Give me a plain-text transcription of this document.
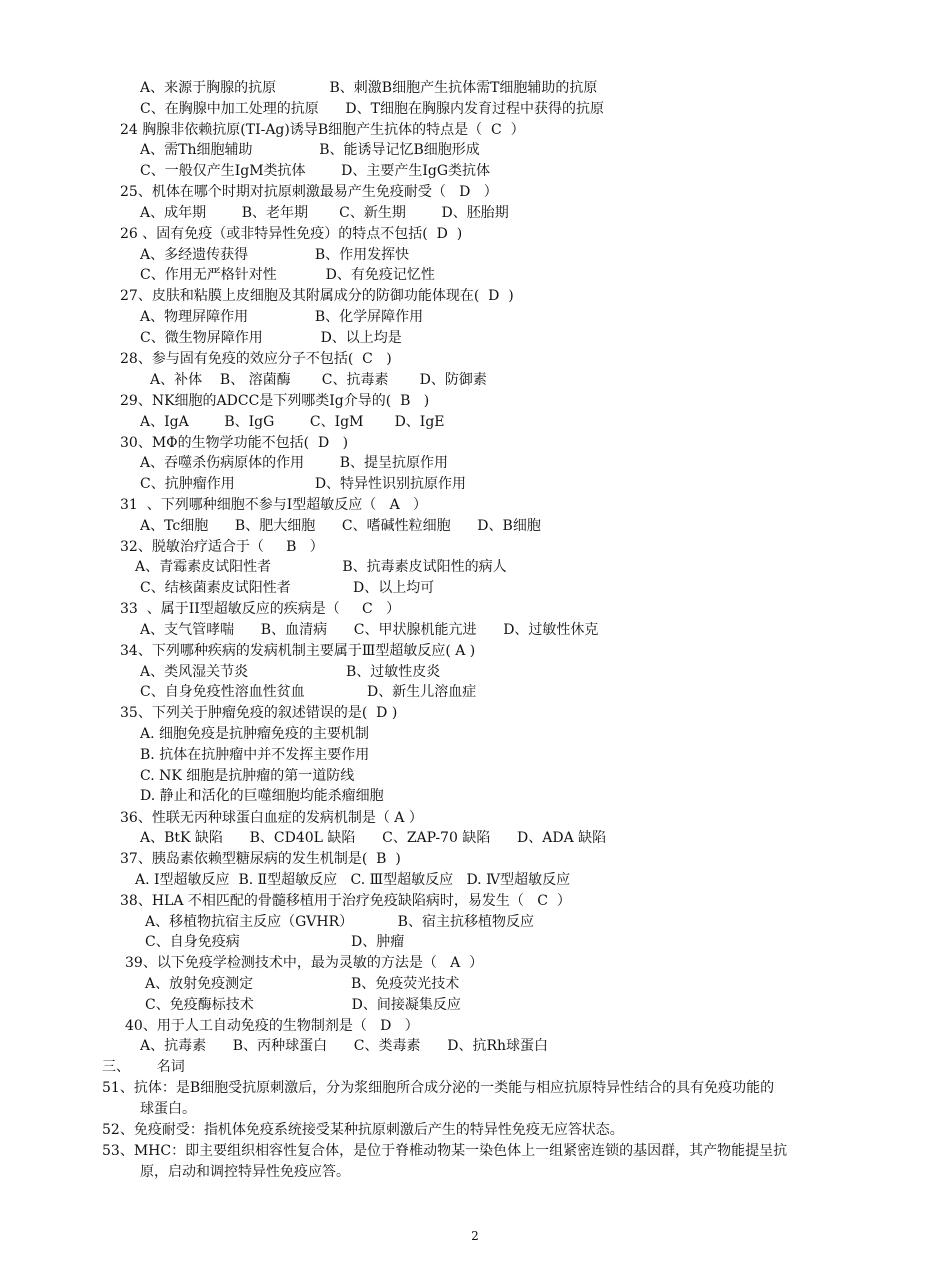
A、来源于胸腺的抗原            B、刺激B细胞产生抗体需T细胞辅助的抗原
C、在胸腺中加工处理的抗原      D、T细胞在胸腺内发育过程中获得的抗原
24 胸腺非依赖抗原(TI-Ag)诱导B细胞产生抗体的特点是（  C  ）
A、需Th细胞辅助               B、能诱导记忆B细胞形成
C、一般仅产生IgM类抗体        D、主要产生IgG类抗体
25、机体在哪个时期对抗原刺激最易产生免疫耐受（   D   ）
A、成年期        B、老年期       C、新生期        D、胚胎期
26 、固有免疫（或非特异性免疫）的特点不包括(  D  )
A、多经遗传获得               B、作用发挥快
C、作用无严格针对性           D、有免疫记忆性
27、皮肤和粘膜上皮细胞及其附属成分的防御功能体现在(  D  )
A、物理屏障作用               B、化学屏障作用
C、微生物屏障作用             D、以上均是
28、参与固有免疫的效应分子不包括(  C   )
A、补体    B、 溶菌酶       C、抗毒素       D、防御素
29、NK细胞的ADCC是下列哪类Ig介导的(  B   )
A、IgA        B、IgG        C、IgM       D、IgE
30、MΦ的生物学功能不包括(  D   )
A、吞噬杀伤病原体的作用        B、提呈抗原作用
C、抗肿瘤作用                  D、特异性识别抗原作用
31  、下列哪种细胞不参与I型超敏反应（   A   ）
A、Tc细胞      B、肥大细胞      C、嗜碱性粒细胞      D、B细胞
32、脱敏治疗适合于（     B   ）
A、青霉素皮试阳性者                B、抗毒素皮试阳性的病人
C、结核菌素皮试阳性者              D、以上均可
33  、属于II型超敏反应的疾病是（     C   ）
A、支气管哮喘      B、血清病      C、甲状腺机能亢进      D、过敏性休克
34、下列哪种疾病的发病机制主要属于Ⅲ型超敏反应( A )
A、类风湿关节炎                      B、过敏性皮炎
C、自身免疫性溶血性贫血              D、新生儿溶血症
35、下列关于肿瘤免疫的叙述错误的是(  D )
A. 细胞免疫是抗肿瘤免疫的主要机制
B. 抗体在抗肿瘤中并不发挥主要作用
C. NK 细胞是抗肿瘤的第一道防线
D. 静止和活化的巨噬细胞均能杀瘤细胞
36、性联无丙种球蛋白血症的发病机制是（ A ）
A、BtK 缺陷      B、CD40L 缺陷      C、ZAP-70 缺陷      D、ADA 缺陷
37、胰岛素依赖型糖尿病的发生机制是(  B  )
A. Ⅰ型超敏反应  B. Ⅱ型超敏反应   C. Ⅲ型超敏反应   D. Ⅳ型超敏反应
38、HLA 不相匹配的骨髓移植用于治疗免疫缺陷病时，易发生（   C  ）
A、移植物抗宿主反应（GVHR）          B、宿主抗移植物反应
C、自身免疫病                         D、肿瘤
39、以下免疫学检测技术中，最为灵敏的方法是（   A  ）
A、放射免疫测定                      B、免疫荧光技术
C、免疫酶标技术                      D、间接凝集反应
40、用于人工自动免疫的生物制剂是（   D   ）
A、抗毒素      B、丙种球蛋白      C、类毒素      D、抗Rh球蛋白
三、      名词
51、抗体：是B细胞受抗原刺激后，分为浆细胞所合成分泌的一类能与相应抗原特异性结合的具有免疫功能的
球蛋白。
52、免疫耐受：指机体免疫系统接受某种抗原刺激后产生的特异性免疫无应答状态。
53、MHC：即主要组织相容性复合体，是位于脊椎动物某一染色体上一组紧密连锁的基因群，其产物能提呈抗
原，启动和调控特异性免疫应答。
2
